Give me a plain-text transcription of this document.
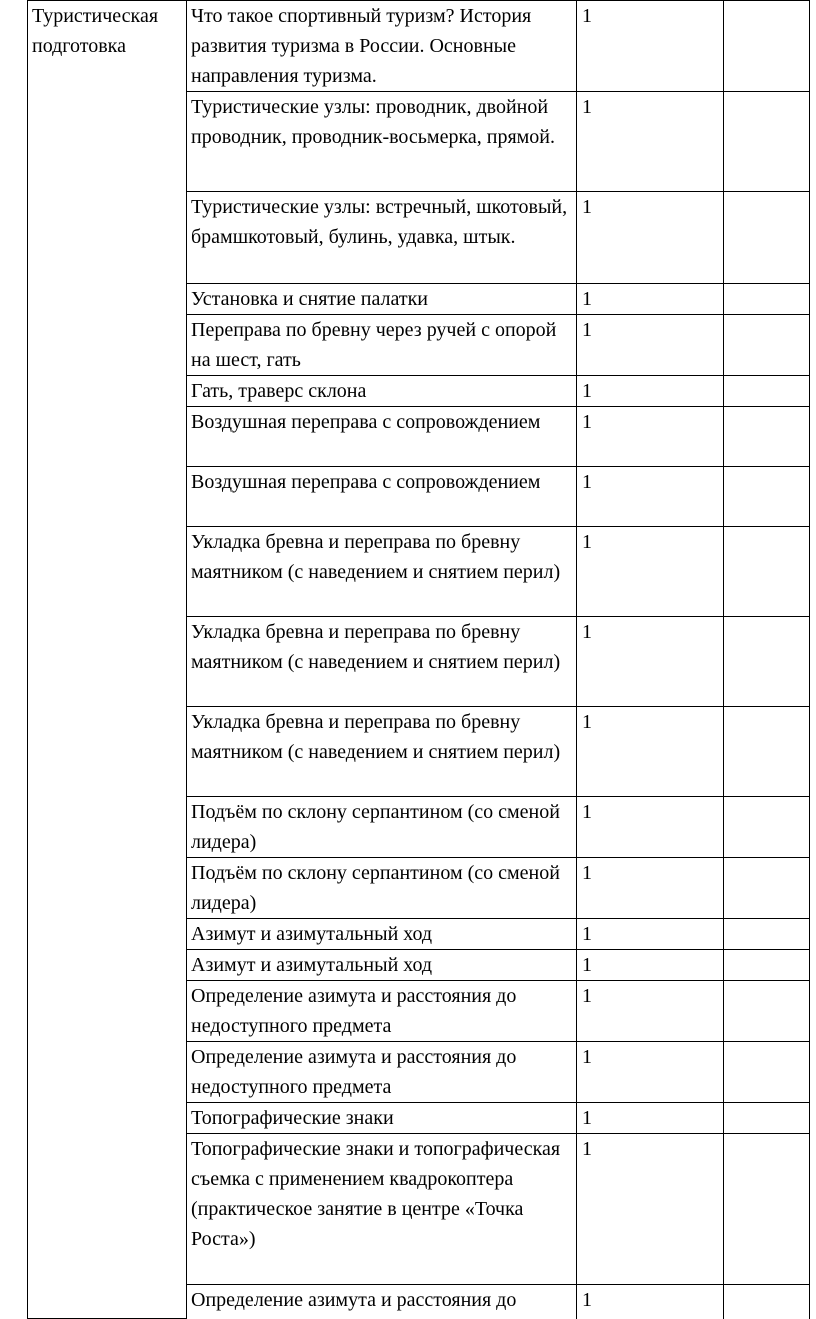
Туристическая подготовка	Что такое спортивный туризм? История развития туризма в России. Основные направления туризма.	1	
	Туристические узлы: проводник, двойной проводник, проводник-восьмерка, прямой.	1	
	Туристические узлы: встречный, шкотовый, брамшкотовый, булинь, удавка, штык.	1	
	Установка и снятие палатки	1	
	Переправа по бревну через ручей с опорой на шест, гать	1	
	Гать, траверс склона	1	
	Воздушная переправа с сопровождением	1	
	Воздушная переправа с сопровождением	1	
	Укладка бревна и переправа по бревну маятником (с наведением и снятием перил)	1	
	Укладка бревна и переправа по бревну маятником (с наведением и снятием перил)	1	
	Укладка бревна и переправа по бревну маятником (с наведением и снятием перил)	1	
	Подъём по склону серпантином (со сменой лидера)	1	
	Подъём по склону серпантином (со сменой лидера)	1	
	Азимут и азимутальный ход	1	
	Азимут и азимутальный ход	1	
	Определение азимута и расстояния до недоступного предмета	1	
	Определение азимута и расстояния до недоступного предмета	1	
	Топографические знаки	1	
	Топографические знаки и топографическая съемка с применением квадрокоптера (практическое занятие в центре «Точка Роста»)	1	
	Определение азимута и расстояния до	1	
